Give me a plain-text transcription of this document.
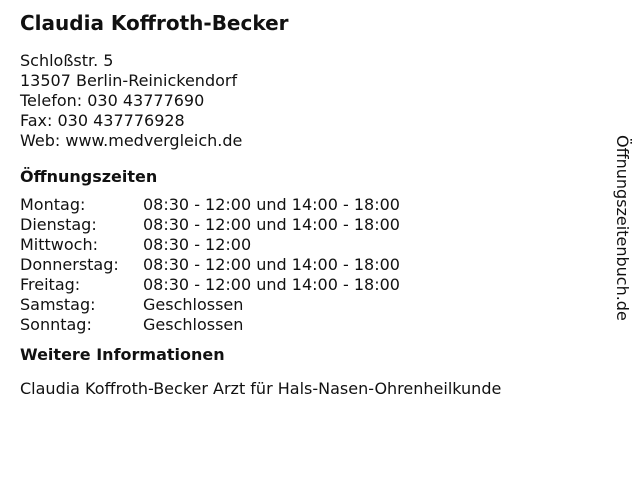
Claudia Koffroth-Becker
Schloßstr. 5
13507 Berlin-Reinickendorf
Telefon: 030 43777690
Fax: 030 437776928
Web: www.medvergleich.de
Öffnungszeiten
Montag:	08:30 - 12:00 und 14:00 - 18:00
Dienstag:	08:30 - 12:00 und 14:00 - 18:00
Mittwoch:	08:30 - 12:00
Donnerstag:	08:30 - 12:00 und 14:00 - 18:00
Freitag:	08:30 - 12:00 und 14:00 - 18:00
Samstag:	Geschlossen
Sonntag:	Geschlossen
Weitere Informationen
Claudia Koffroth-Becker Arzt für Hals-Nasen-Ohrenheilkunde
Öffnungszeitenbuch.de
